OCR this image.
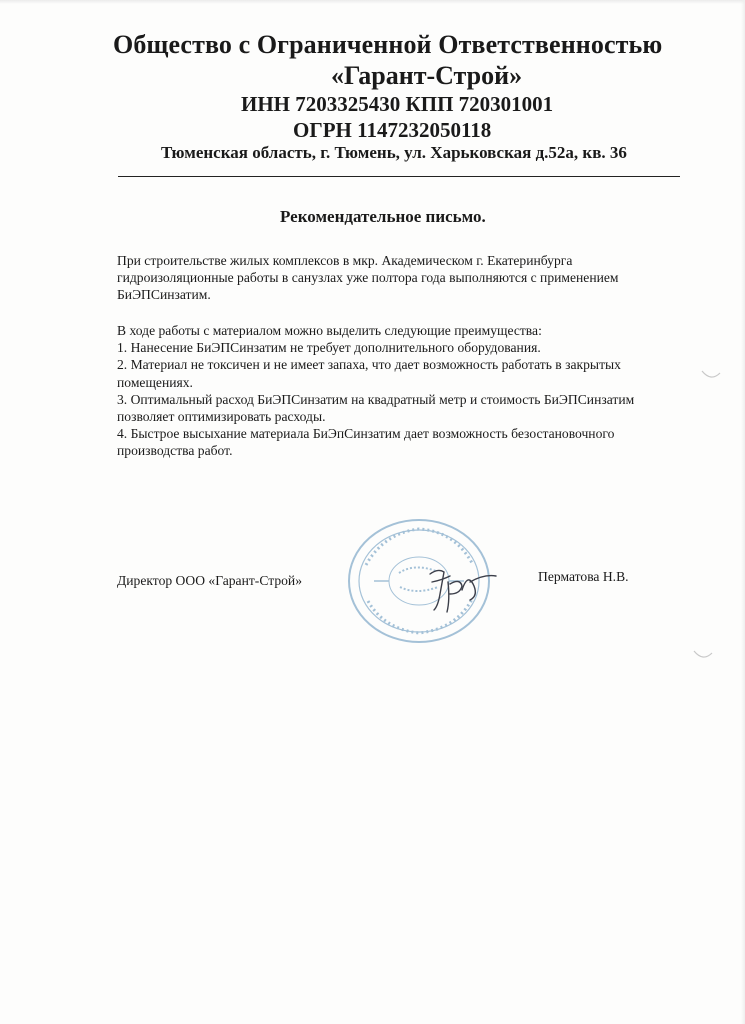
Общество с Ограниченной Ответственностью
«Гарант-Строй»
ИНН 7203325430 КПП 720301001
ОГРН 1147232050118
Тюменская область, г. Тюмень, ул. Харьковская д.52а, кв. 36
Рекомендательное письмо.
При строительстве жилых комплексов в мкр. Академическом г. Екатеринбурга
гидроизоляционные работы в санузлах уже полтора года выполняются с применением
БиЭПСинзатим.
В ходе работы с материалом можно выделить следующие преимущества:
1. Нанесение БиЭПСинзатим не требует дополнительного оборудования.
2. Материал не токсичен и не имеет запаха, что дает возможность работать в закрытых
помещениях.
3. Оптимальный расход БиЭПСинзатим на квадратный метр и стоимость БиЭПСинзатим
позволяет оптимизировать расходы.
4. Быстрое высыхание материала БиЭпСинзатим дает возможность безостановочного
производства работ.
Директор ООО «Гарант-Строй»	Перматова Н.В.
